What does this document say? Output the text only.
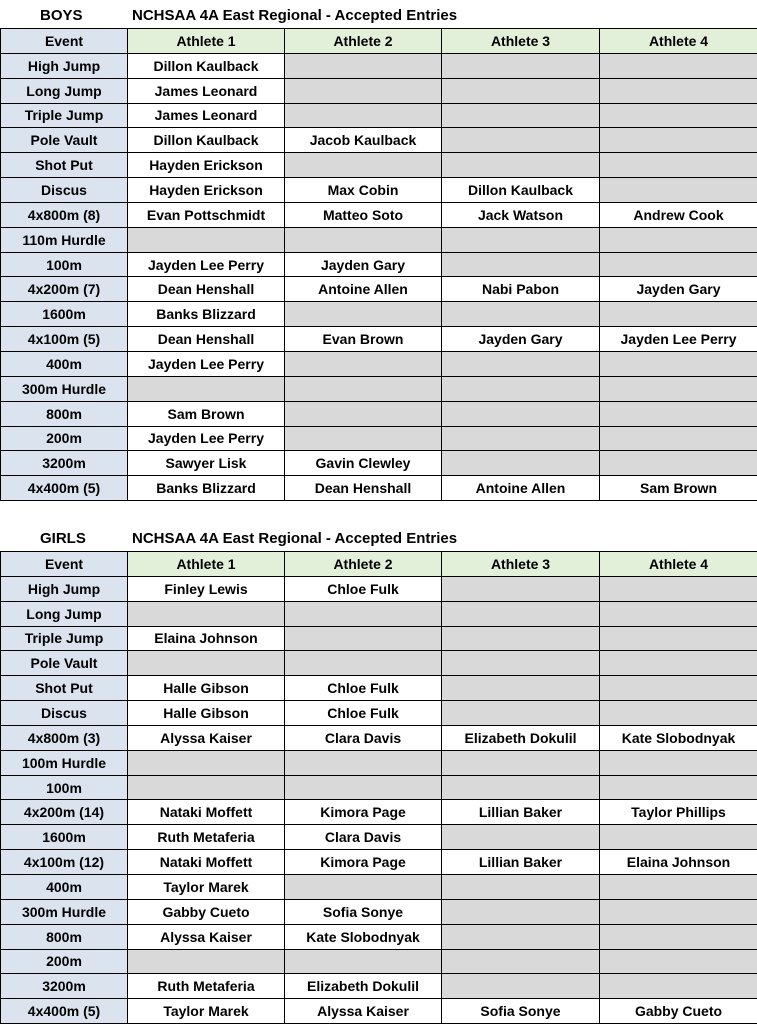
BOYS	NCHSAA 4A East Regional - Accepted Entries
Event	Athlete 1	Athlete 2	Athlete 3	Athlete 4
High Jump	Dillon Kaulback			
Long Jump	James Leonard			
Triple Jump	James Leonard			
Pole Vault	Dillon Kaulback	Jacob Kaulback		
Shot Put	Hayden Erickson			
Discus	Hayden Erickson	Max Cobin	Dillon Kaulback	
4x800m (8)	Evan Pottschmidt	Matteo Soto	Jack Watson	Andrew Cook
110m Hurdle				
100m	Jayden Lee Perry	Jayden Gary		
4x200m (7)	Dean Henshall	Antoine Allen	Nabi Pabon	Jayden Gary
1600m	Banks Blizzard			
4x100m (5)	Dean Henshall	Evan Brown	Jayden Gary	Jayden Lee Perry
400m	Jayden Lee Perry			
300m Hurdle				
800m	Sam Brown			
200m	Jayden Lee Perry			
3200m	Sawyer Lisk	Gavin Clewley		
4x400m (5)	Banks Blizzard	Dean Henshall	Antoine Allen	Sam Brown
GIRLS	NCHSAA 4A East Regional - Accepted Entries
Event	Athlete 1	Athlete 2	Athlete 3	Athlete 4
High Jump	Finley Lewis	Chloe Fulk		
Long Jump				
Triple Jump	Elaina Johnson			
Pole Vault				
Shot Put	Halle Gibson	Chloe Fulk		
Discus	Halle Gibson	Chloe Fulk		
4x800m (3)	Alyssa Kaiser	Clara Davis	Elizabeth Dokulil	Kate Slobodnyak
100m Hurdle				
100m				
4x200m (14)	Nataki Moffett	Kimora Page	Lillian Baker	Taylor Phillips
1600m	Ruth Metaferia	Clara Davis		
4x100m (12)	Nataki Moffett	Kimora Page	Lillian Baker	Elaina Johnson
400m	Taylor Marek			
300m Hurdle	Gabby Cueto	Sofia Sonye		
800m	Alyssa Kaiser	Kate Slobodnyak		
200m				
3200m	Ruth Metaferia	Elizabeth Dokulil		
4x400m (5)	Taylor Marek	Alyssa Kaiser	Sofia Sonye	Gabby Cueto
